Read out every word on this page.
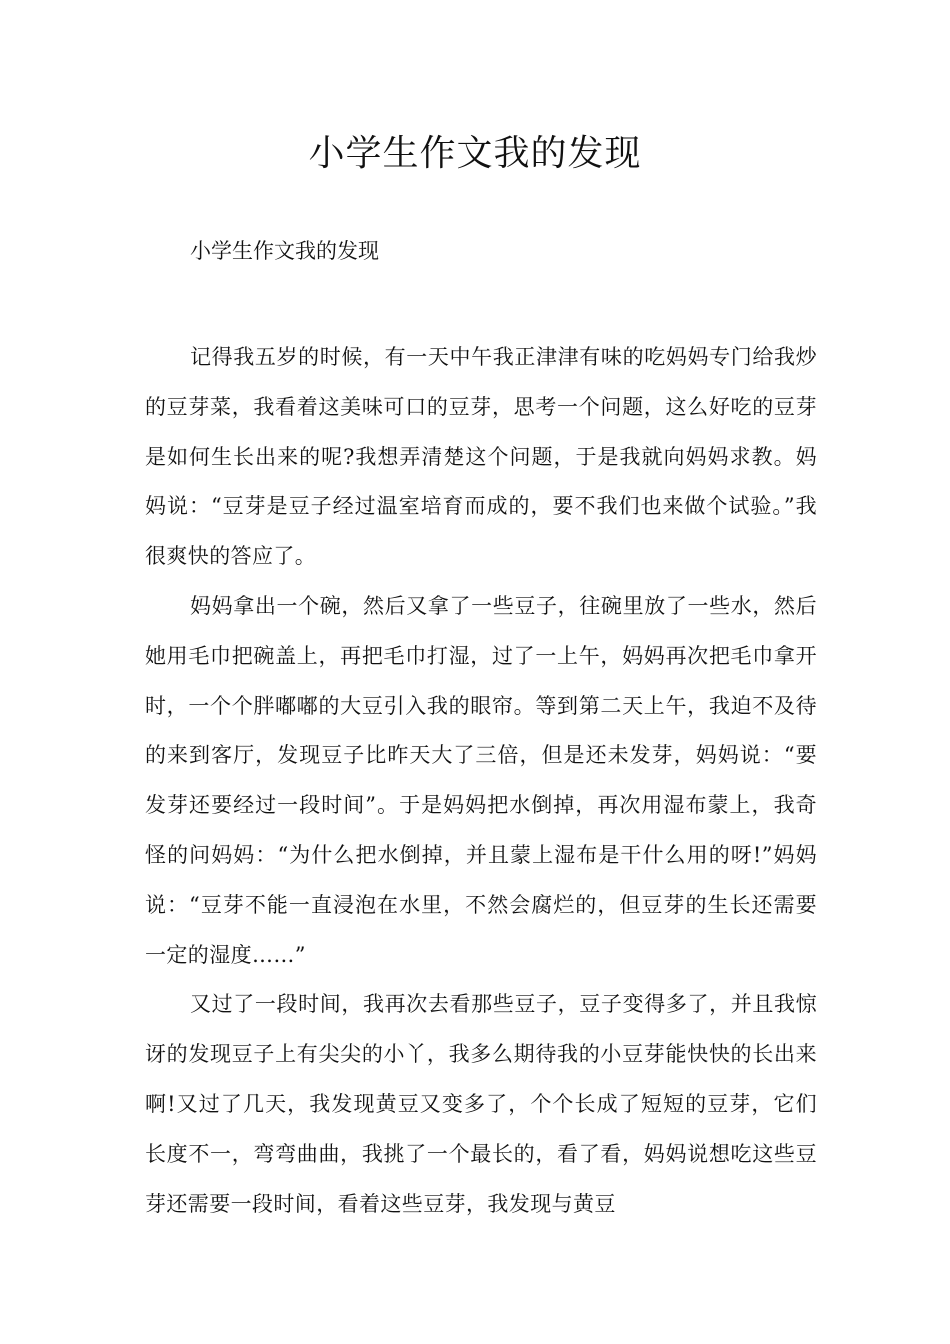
小学生作文我的发现

小学生作文我的发现

记得我五岁的时候，有一天中午我正津津有味的吃妈妈专门给我炒的豆芽菜，我看着这美味可口的豆芽，思考一个问题，这么好吃的豆芽是如何生长出来的呢?我想弄清楚这个问题，于是我就向妈妈求教。妈妈说：“豆芽是豆子经过温室培育而成的，要不我们也来做个试验。”我很爽快的答应了。

妈妈拿出一个碗，然后又拿了一些豆子，往碗里放了一些水，然后她用毛巾把碗盖上，再把毛巾打湿，过了一上午，妈妈再次把毛巾拿开时，一个个胖嘟嘟的大豆引入我的眼帘。等到第二天上午，我迫不及待的来到客厅，发现豆子比昨天大了三倍，但是还未发芽，妈妈说：“要发芽还要经过一段时间”。于是妈妈把水倒掉，再次用湿布蒙上，我奇怪的问妈妈：“为什么把水倒掉，并且蒙上湿布是干什么用的呀!”妈妈说：“豆芽不能一直浸泡在水里，不然会腐烂的，但豆芽的生长还需要一定的湿度……”

又过了一段时间，我再次去看那些豆子，豆子变得多了，并且我惊讶的发现豆子上有尖尖的小丫，我多么期待我的小豆芽能快快的长出来啊!又过了几天，我发现黄豆又变多了，个个长成了短短的豆芽，它们长度不一，弯弯曲曲，我挑了一个最长的，看了看，妈妈说想吃这些豆芽还需要一段时间，看着这些豆芽，我发现与黄豆
